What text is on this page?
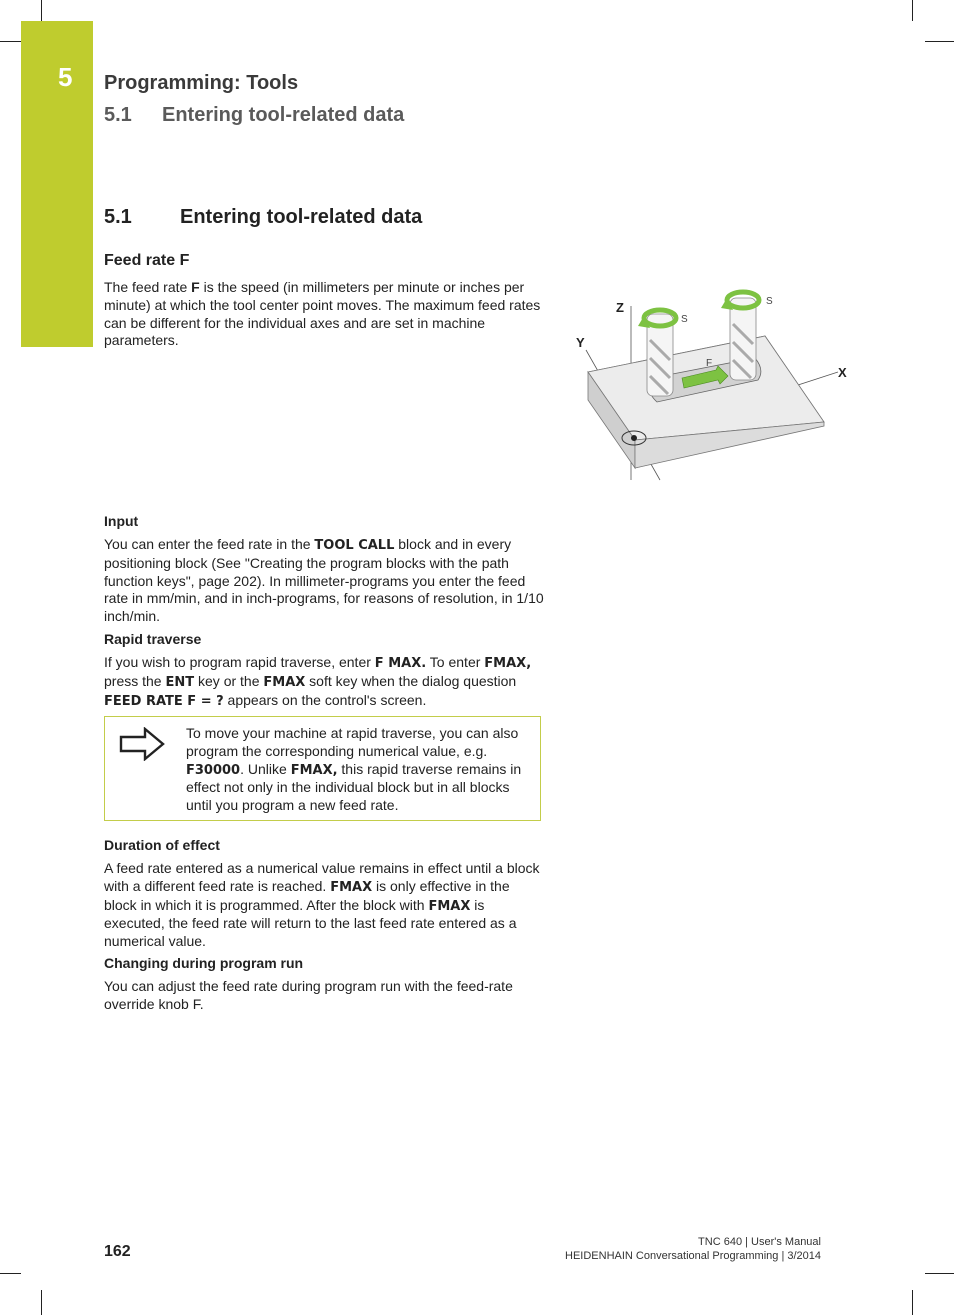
5 Programming: Tools
5.1 Entering tool-related data
5.1 Entering tool-related data
Feed rate F
The feed rate F is the speed (in millimeters per minute or inches per minute) at which the tool center point moves. The maximum feed rates can be different for the individual axes and are set in machine parameters.
Z
Y
X
S
S
F
Input
You can enter the feed rate in the TOOL CALL block and in every positioning block (See "Creating the program blocks with the path function keys", page 202). In millimeter-programs you enter the feed rate in mm/min, and in inch-programs, for reasons of resolution, in 1/10 inch/min.
Rapid traverse
If you wish to program rapid traverse, enter F MAX. To enter FMAX,
press the ENT key or the FMAX soft key when the dialog question
FEED RATE F = ? appears on the control's screen.
To move your machine at rapid traverse, you can also program the corresponding numerical value, e.g. F30000. Unlike FMAX, this rapid traverse remains in effect not only in the individual block but in all blocks until you program a new feed rate.
Duration of effect
A feed rate entered as a numerical value remains in effect until a block with a different feed rate is reached. FMAX is only effective in the block in which it is programmed. After the block with FMAX is executed, the feed rate will return to the last feed rate entered as a numerical value.
Changing during program run
You can adjust the feed rate during program run with the feed-rate override knob F.
162
TNC 640 | User's Manual
HEIDENHAIN Conversational Programming | 3/2014
